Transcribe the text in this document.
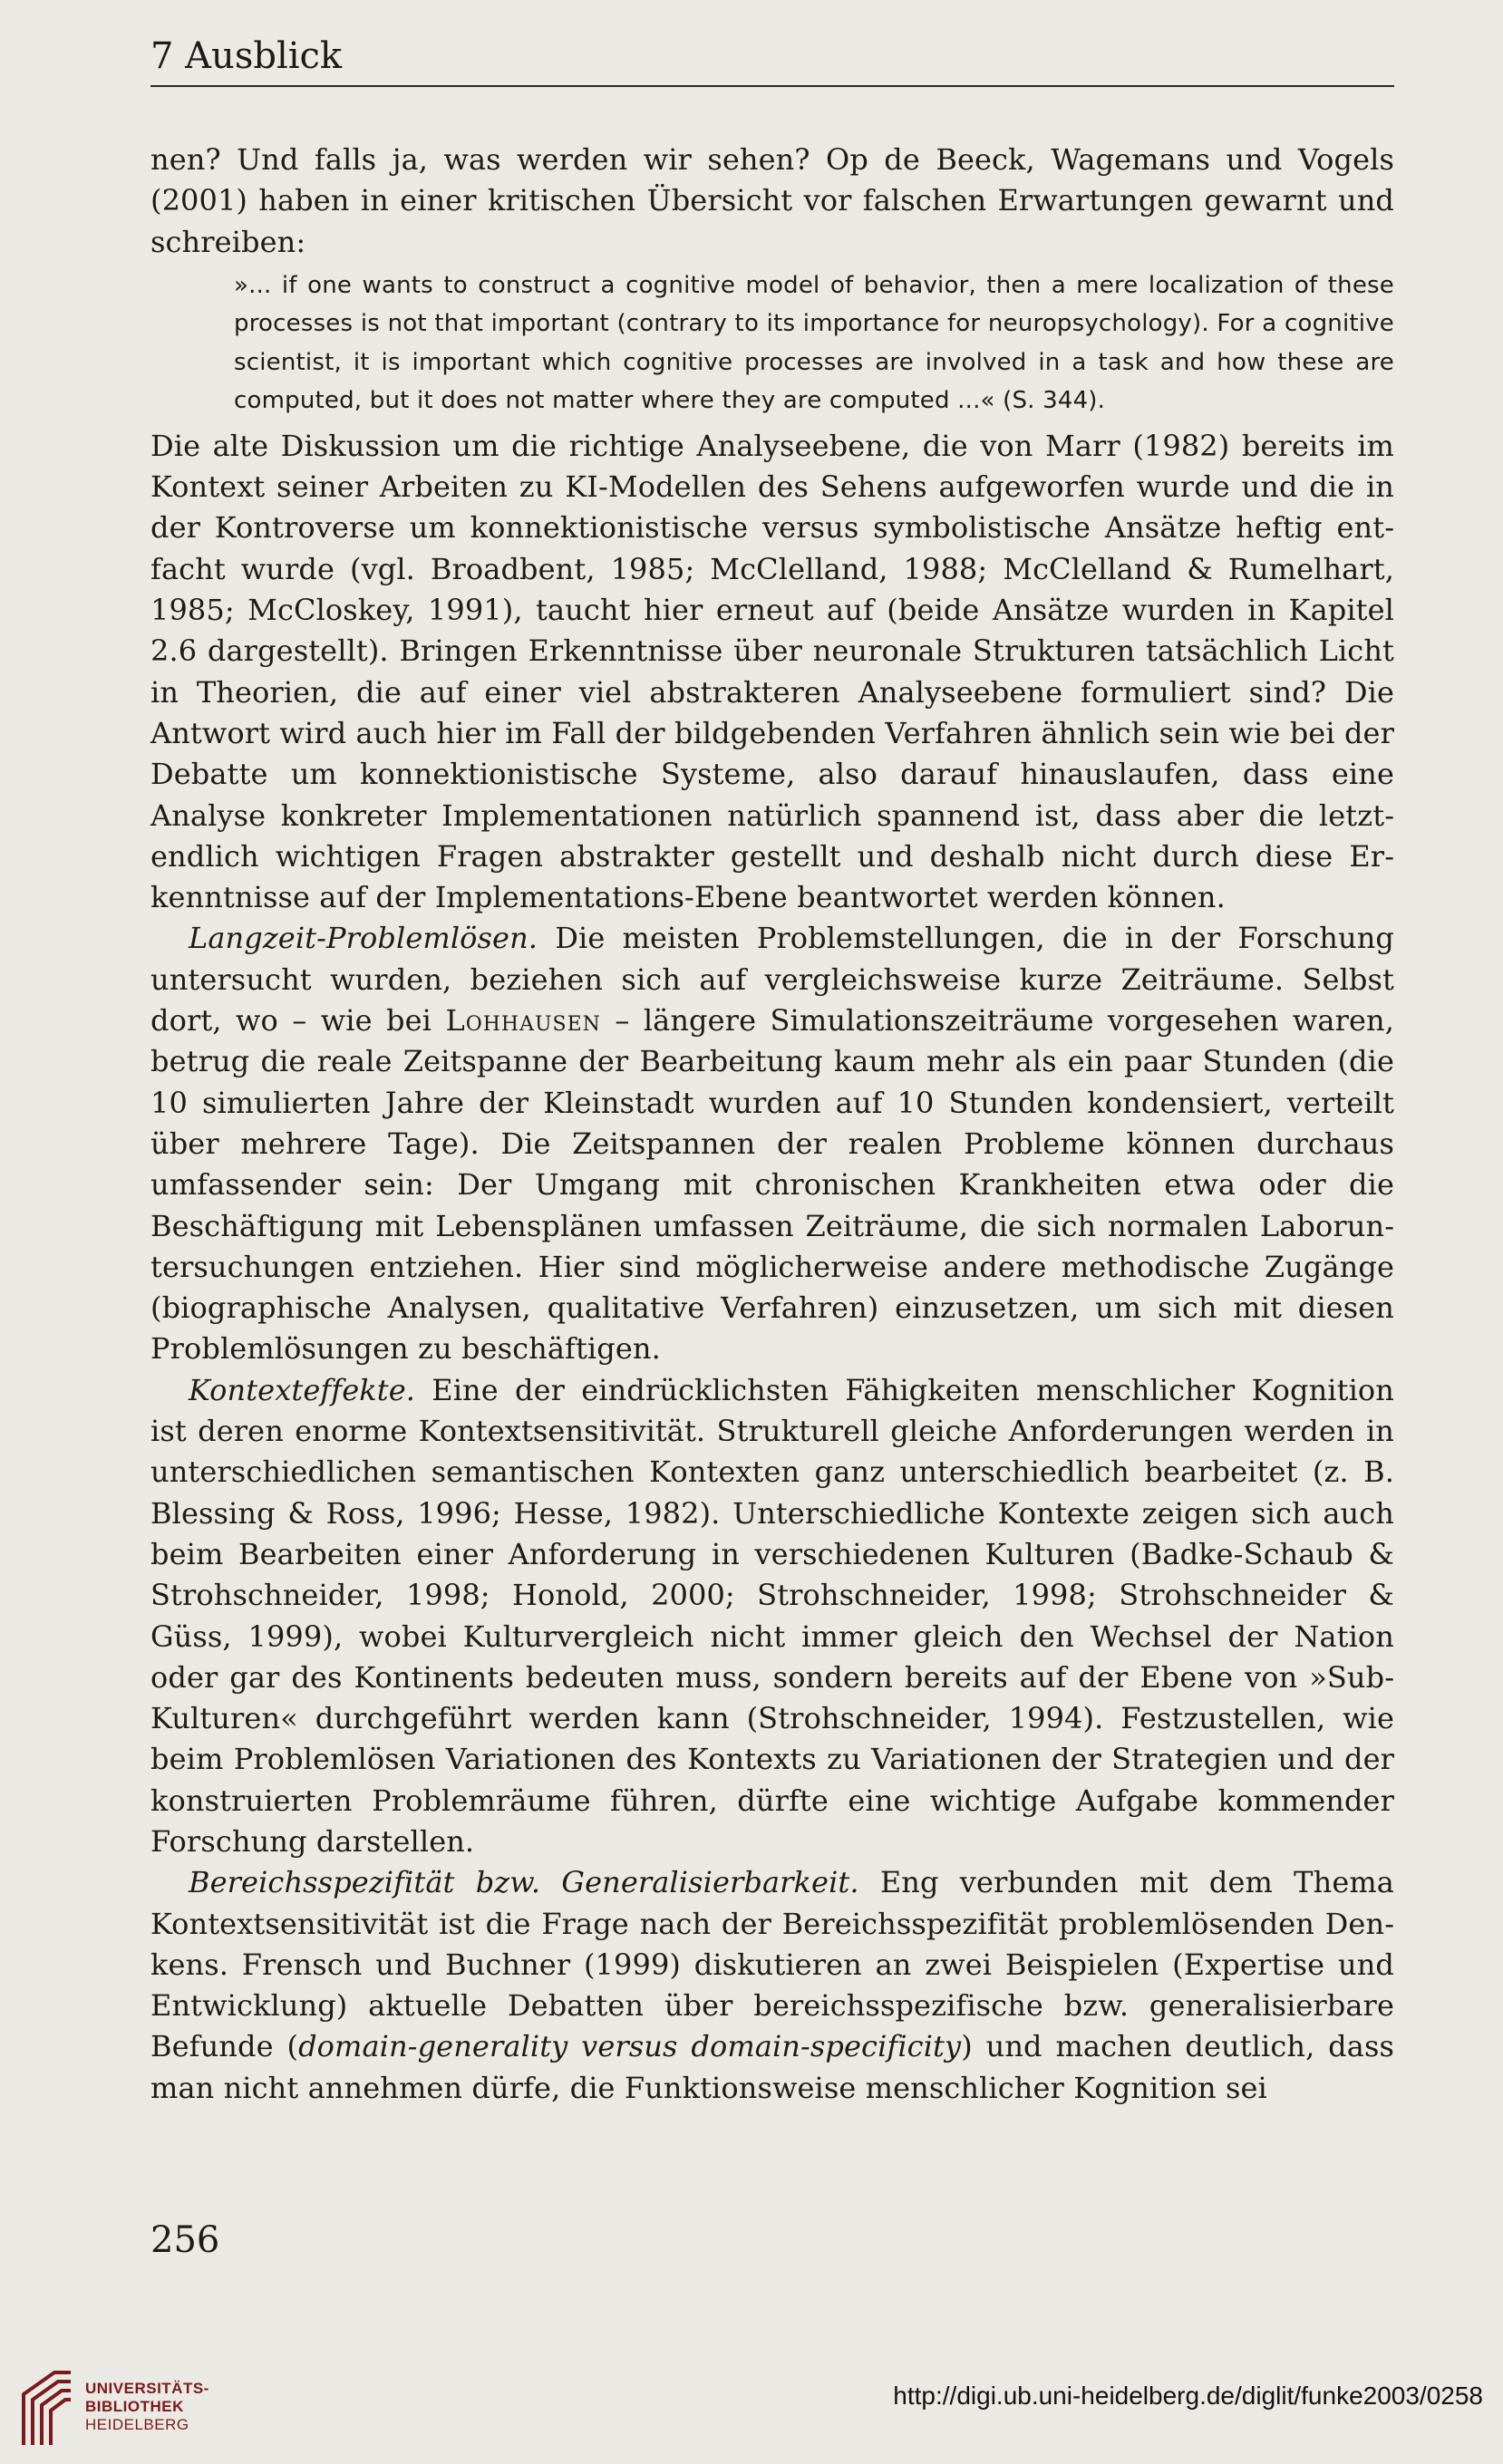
7 Ausblick

nen? Und falls ja, was werden wir sehen? Op de Beeck, Wagemans und Vogels (2001) haben in einer kritischen Übersicht vor falschen Erwartungen gewarnt und schreiben:

»... if one wants to construct a cognitive model of behavior, then a mere localization of these processes is not that important (contrary to its importance for neuropsychology). For a cognitive scientist, it is important which cognitive processes are involved in a task and how these are computed, but it does not matter where they are computed ...« (S. 344).

Die alte Diskussion um die richtige Analyseebene, die von Marr (1982) bereits im Kontext seiner Arbeiten zu KI-Modellen des Sehens aufgeworfen wurde und die in der Kontroverse um konnektionistische versus symbolistische Ansätze heftig entfacht wurde (vgl. Broadbent, 1985; McClelland, 1988; McClelland & Rumelhart, 1985; McCloskey, 1991), taucht hier erneut auf (beide Ansätze wurden in Kapitel 2.6 dargestellt). Bringen Erkenntnisse über neuronale Strukturen tatsächlich Licht in Theorien, die auf einer viel abstrakteren Analyseebene formuliert sind? Die Antwort wird auch hier im Fall der bildgebenden Verfahren ähnlich sein wie bei der Debatte um konnektionistische Systeme, also darauf hinauslaufen, dass eine Analyse konkreter Implementationen natürlich spannend ist, dass aber die letztendlich wichtigen Fragen abstrakter gestellt und deshalb nicht durch diese Erkenntnisse auf der Implementations-Ebene beantwortet werden können.

Langzeit-Problemlösen. Die meisten Problemstellungen, die in der Forschung untersucht wurden, beziehen sich auf vergleichsweise kurze Zeiträume. Selbst dort, wo – wie bei Lohhausen – längere Simulationszeiträume vorgesehen waren, betrug die reale Zeitspanne der Bearbeitung kaum mehr als ein paar Stunden (die 10 simulierten Jahre der Kleinstadt wurden auf 10 Stunden kondensiert, verteilt über mehrere Tage). Die Zeitspannen der realen Probleme können durchaus umfassender sein: Der Umgang mit chronischen Krankheiten etwa oder die Beschäftigung mit Lebensplänen umfassen Zeiträume, die sich normalen Laboruntersuchungen entziehen. Hier sind möglicherweise andere methodische Zugänge (biographische Analysen, qualitative Verfahren) einzusetzen, um sich mit diesen Problemlösungen zu beschäftigen.

Kontexteffekte. Eine der eindrücklichsten Fähigkeiten menschlicher Kognition ist deren enorme Kontextsensitivität. Strukturell gleiche Anforderungen werden in unterschiedlichen semantischen Kontexten ganz unterschiedlich bearbeitet (z. B. Blessing & Ross, 1996; Hesse, 1982). Unterschiedliche Kontexte zeigen sich auch beim Bearbeiten einer Anforderung in verschiedenen Kulturen (Badke-Schaub & Strohschneider, 1998; Honold, 2000; Strohschneider, 1998; Strohschneider & Güss, 1999), wobei Kulturvergleich nicht immer gleich den Wechsel der Nation oder gar des Kontinents bedeuten muss, sondern bereits auf der Ebene von »SubKulturen« durchgeführt werden kann (Strohschneider, 1994). Festzustellen, wie beim Problemlösen Variationen des Kontexts zu Variationen der Strategien und der konstruierten Problemräume führen, dürfte eine wichtige Aufgabe kommender Forschung darstellen.

Bereichsspezifität bzw. Generalisierbarkeit. Eng verbunden mit dem Thema Kontextsensitivität ist die Frage nach der Bereichsspezifität problemlösenden Denkens. Frensch und Buchner (1999) diskutieren an zwei Beispielen (Expertise und Entwicklung) aktuelle Debatten über bereichsspezifische bzw. generalisierbare Befunde (domain-generality versus domain-specificity) und machen deutlich, dass man nicht annehmen dürfe, die Funktionsweise menschlicher Kognition sei

256
UNIVERSITÄTS-
BIBLIOTHEK
HEIDELBERG
http://digi.ub.uni-heidelberg.de/diglit/funke2003/0258
